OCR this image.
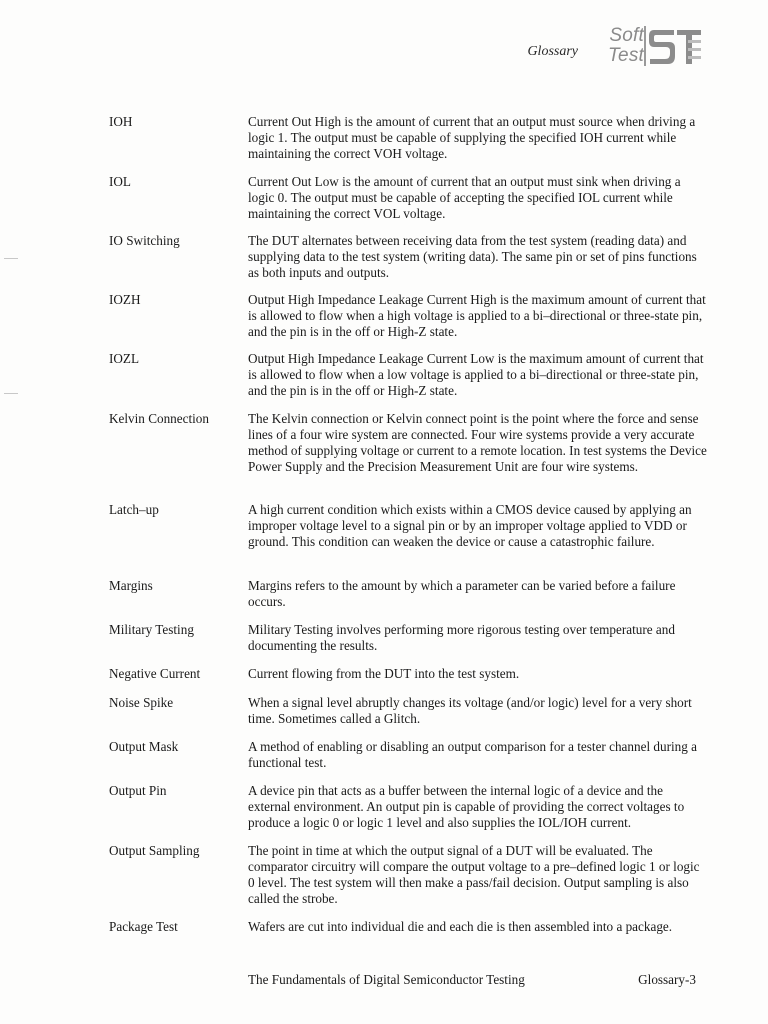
Glossary
Soft
Test
IOH	Current Out High is the amount of current that an output must source when driving a logic 1. The output must be capable of supplying the specified IOH current while maintaining the correct VOH voltage.
IOL	Current Out Low is the amount of current that an output must sink when driving a logic 0. The output must be capable of accepting the specified IOL current while maintaining the correct VOL voltage.
IO Switching	The DUT alternates between receiving data from the test system (reading data) and supplying data to the test system (writing data). The same pin or set of pins functions as both inputs and outputs.
IOZH	Output High Impedance Leakage Current High is the maximum amount of current that is allowed to flow when a high voltage is applied to a bi–directional or three-state pin, and the pin is in the off or High-Z state.
IOZL	Output High Impedance Leakage Current Low is the maximum amount of current that is allowed to flow when a low voltage is applied to a bi–directional or three-state pin, and the pin is in the off or High-Z state.
Kelvin Connection	The Kelvin connection or Kelvin connect point is the point where the force and sense lines of a four wire system are connected. Four wire systems provide a very accurate method of supplying voltage or current to a remote location. In test systems the Device Power Supply and the Precision Measurement Unit are four wire systems.
Latch–up	A high current condition which exists within a CMOS device caused by applying an improper voltage level to a signal pin or by an improper voltage applied to VDD or ground. This condition can weaken the device or cause a catastrophic failure.
Margins	Margins refers to the amount by which a parameter can be varied before a failure occurs.
Military Testing	Military Testing involves performing more rigorous testing over temperature and documenting the results.
Negative Current	Current flowing from the DUT into the test system.
Noise Spike	When a signal level abruptly changes its voltage (and/or logic) level for a very short time. Sometimes called a Glitch.
Output Mask	A method of enabling or disabling an output comparison for a tester channel during a functional test.
Output Pin	A device pin that acts as a buffer between the internal logic of a device and the external environment. An output pin is capable of providing the correct voltages to produce a logic 0 or logic 1 level and also supplies the IOL/IOH current.
Output Sampling	The point in time at which the output signal of a DUT will be evaluated. The comparator circuitry will compare the output voltage to a pre–defined logic 1 or logic 0 level. The test system will then make a pass/fail decision. Output sampling is also called the strobe.
Package Test	Wafers are cut into individual die and each die is then assembled into a package.
The Fundamentals of Digital Semiconductor Testing	Glossary-3
